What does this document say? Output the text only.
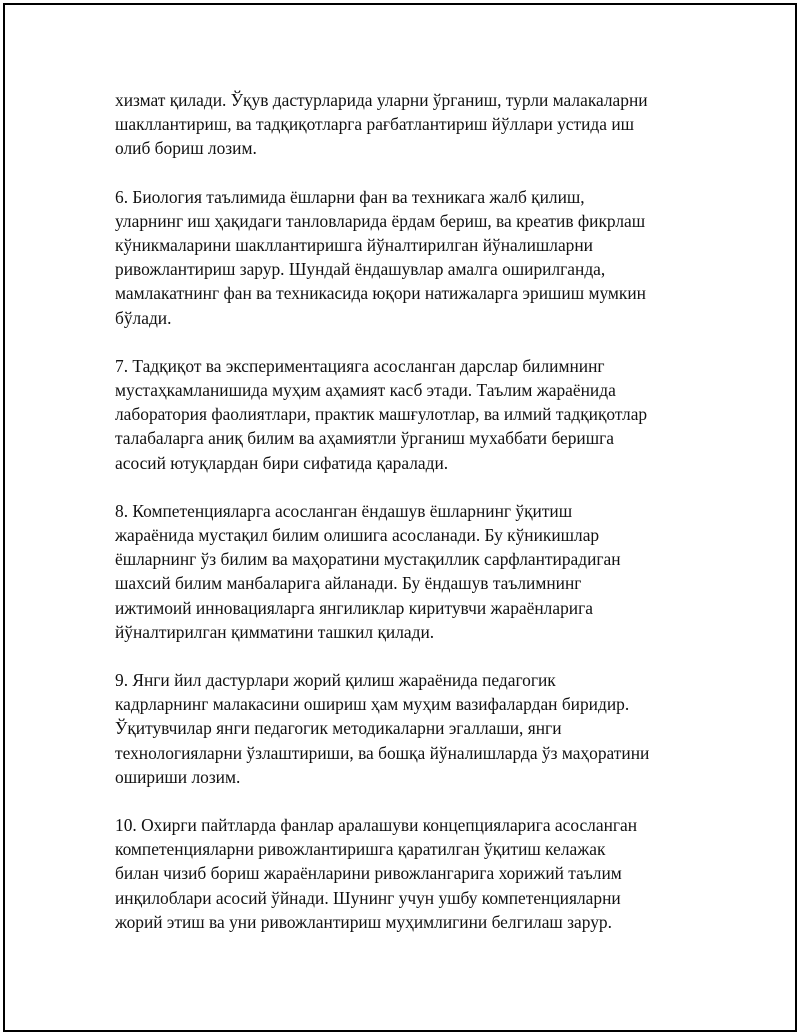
хизмат қилади. Ўқув дастурларида уларни ўрганиш, турли малакаларни
шакллантириш, ва тадқиқотларга рағбатлантириш йўллари устида иш
олиб бориш лозим.

6. Биология таълимида ёшларни фан ва техникага жалб қилиш,
уларнинг иш ҳақидаги танловларида ёрдам бериш, ва креатив фикрлаш
кўникмаларини шакллантиришга йўналтирилган йўналишларни
ривожлантириш зарур. Шундай ёндашувлар амалга оширилганда,
мамлакатнинг фан ва техникасида юқори натижаларга эришиш мумкин
бўлади.

7. Тадқиқот ва экспериментацияга асосланган дарслар билимнинг
мустаҳкамланишида муҳим аҳамият касб этади. Таълим жараёнида
лаборатория фаолиятлари, практик машғулотлар, ва илмий тадқиқотлар
талабаларга аниқ билим ва аҳамиятли ўрганиш мухаббати беришга
асосий ютуқлардан бири сифатида қаралади.

8. Компетенцияларга асосланган ёндашув ёшларнинг ўқитиш
жараёнида мустақил билим олишига асосланади. Бу кўникишлар
ёшларнинг ўз билим ва маҳоратини мустақиллик сарфлантирадиган
шахсий билим манбаларига айланади. Бу ёндашув таълимнинг
ижтимоий инновацияларга янгиликлар киритувчи жараёнларига
йўналтирилган қимматини ташкил қилади.

9. Янги йил дастурлари жорий қилиш жараёнида педагогик
кадрларнинг малакасини ошириш ҳам муҳим вазифалардан биридир.
Ўқитувчилар янги педагогик методикаларни эгаллаши, янги
технологияларни ўзлаштириши, ва бошқа йўналишларда ўз маҳоратини
ошириши лозим.

10. Охирги пайтларда фанлар аралашуви концепцияларига асосланган
компетенцияларни ривожлантиришга қаратилган ўқитиш келажак
билан чизиб бориш жараёнларини ривожлангарига хорижий таълим
инқилоблари асосий ўйнади. Шунинг учун ушбу компетенцияларни
жорий этиш ва уни ривожлантириш муҳимлигини белгилаш зарур.
